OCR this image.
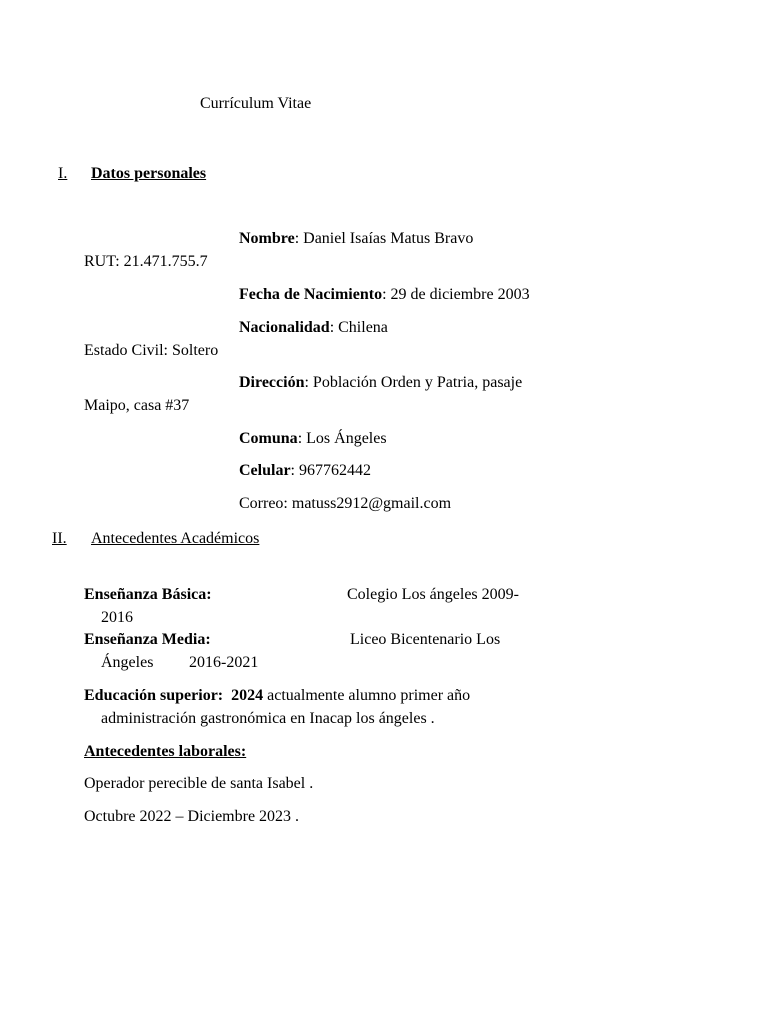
Currículum Vitae
I. Datos personales
Nombre: Daniel Isaías Matus Bravo
RUT: 21.471.755.7
Fecha de Nacimiento: 29 de diciembre 2003
Nacionalidad: Chilena
Estado Civil: Soltero
Dirección: Población Orden y Patria, pasaje
Maipo, casa #37
Comuna: Los Ángeles
Celular: 967762442
Correo: matuss2912@gmail.com
II. Antecedentes Académicos
Enseñanza Básica:	Colegio Los ángeles 2009-
2016
Enseñanza Media:	Liceo Bicentenario Los
Ángeles 2016-2021
Educación superior: 2024 actualmente alumno primer año
administración gastronómica en Inacap los ángeles .
Antecedentes laborales:
Operador perecible de santa Isabel .
Octubre 2022 – Diciembre 2023 .
